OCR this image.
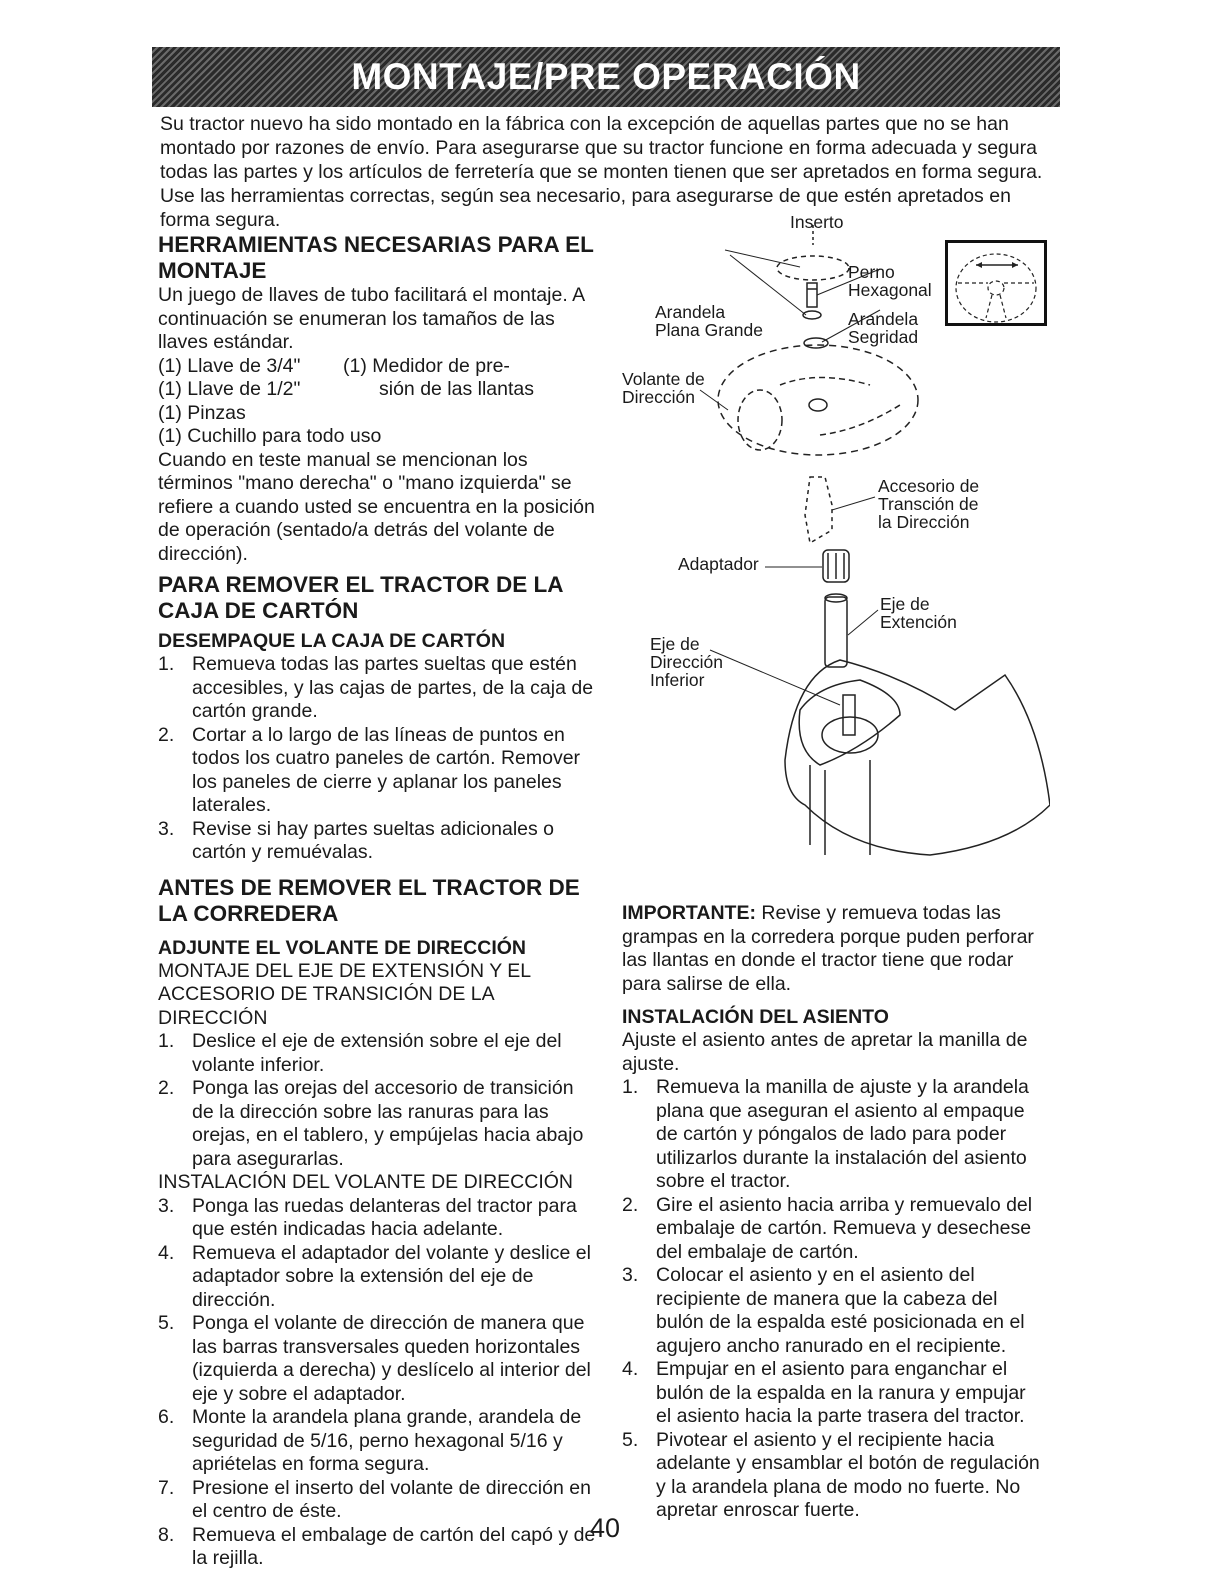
MONTAJE/PRE OPERACIÓN

Su tractor nuevo ha sido montado en la fábrica con la excepción de aquellas partes que no se han montado por razones de envío. Para asegurarse que su tractor funcione en forma adecuada y segura todas las partes y los artículos de ferretería que se monten tienen que ser apretados en forma segura. Use las herramientas correctas, según sea necesario, para asegurarse de que estén apretados en forma segura.

HERRAMIENTAS NECESARIAS PARA EL MONTAJE

Un juego de llaves de tubo facilitará el montaje. A continuación se enumeran los tamaños de las llaves estándar.

(1) Llave de 3/4"	(1) Medidor de pre-
(1) Llave de 1/2"	sión de las llantas
(1) Pinzas
(1) Cuchillo para todo uso

Cuando en teste manual se mencionan los términos "mano derecha" o "mano izquierda" se refiere a cuando usted se encuentra en la posición de operación (sentado/a detrás del volante de dirección).

PARA REMOVER EL TRACTOR DE LA CAJA DE CARTÓN
DESEMPAQUE LA CAJA DE CARTÓN
1. Remueva todas las partes sueltas que estén accesibles, y las cajas de partes, de la caja de cartón grande.
2. Cortar a lo largo de las líneas de puntos en todos los cuatro paneles de cartón. Remover los paneles de cierre y aplanar los paneles laterales.
3. Revise si hay partes sueltas adicionales o cartón y remuévalas.
ANTES DE REMOVER EL TRACTOR DE LA CORREDERA
ADJUNTE EL VOLANTE DE DIRECCIÓN

MONTAJE DEL EJE DE EXTENSIÓN Y EL ACCESORIO DE TRANSICIÓN DE LA DIRECCIÓN

1. Deslice el eje de extensión sobre el eje del volante inferior.
2. Ponga las orejas del accesorio de transición de la dirección sobre las ranuras para las orejas, en el tablero, y empújelas hacia abajo para asegurarlas.

INSTALACIÓN DEL VOLANTE DE DIRECCIÓN

3. Ponga las ruedas delanteras del tractor para que estén indicadas hacia adelante.
4. Remueva el adaptador del volante y deslice el adaptador sobre la extensión del eje de dirección.
5. Ponga el volante de dirección de manera que las barras transversales queden horizontales (izquierda a derecha) y deslícelo al interior del eje y sobre el adaptador.
6. Monte la arandela plana grande, arandela de seguridad de 5/16, perno hexagonal 5/16 y apriételas en forma segura.
7. Presione el inserto del volante de dirección en el centro de éste.
8. Remueva el embalage de cartón del capó y de la rejilla.
Inserto
Perno
Hexagonal
Arandela
Plana Grande
Arandela
Segridad
Volante de
Dirección
Accesorio de
Transción de
la Dirección
Adaptador
Eje de
Extención
Eje de
Dirección
Inferior

IMPORTANTE: Revise y remueva todas las grampas en la corredera porque puden perforar las llantas en donde el tractor tiene que rodar para salirse de ella.

INSTALACIÓN DEL ASIENTO

Ajuste el asiento antes de apretar la manilla de ajuste.

1. Remueva la manilla de ajuste y la arandela plana que aseguran el asiento al empaque de cartón y póngalos de lado para poder utilizarlos durante la instalación del asiento sobre el tractor.
2. Gire el asiento hacia arriba y remuevalo del embalaje de cartón. Remueva y desechese del embalaje de cartón.
3. Colocar el asiento y en el asiento del recipiente de manera que la cabeza del bulón de la espalda esté posicionada en el agujero ancho ranurado en el recipiente.
4. Empujar en el asiento para enganchar el bulón de la espalda en la ranura y empujar el asiento hacia la parte trasera del tractor.
5. Pivotear el asiento y el recipiente hacia adelante y ensamblar el botón de regulación y la arandela plana de modo no fuerte. No apretar enroscar fuerte.
40
